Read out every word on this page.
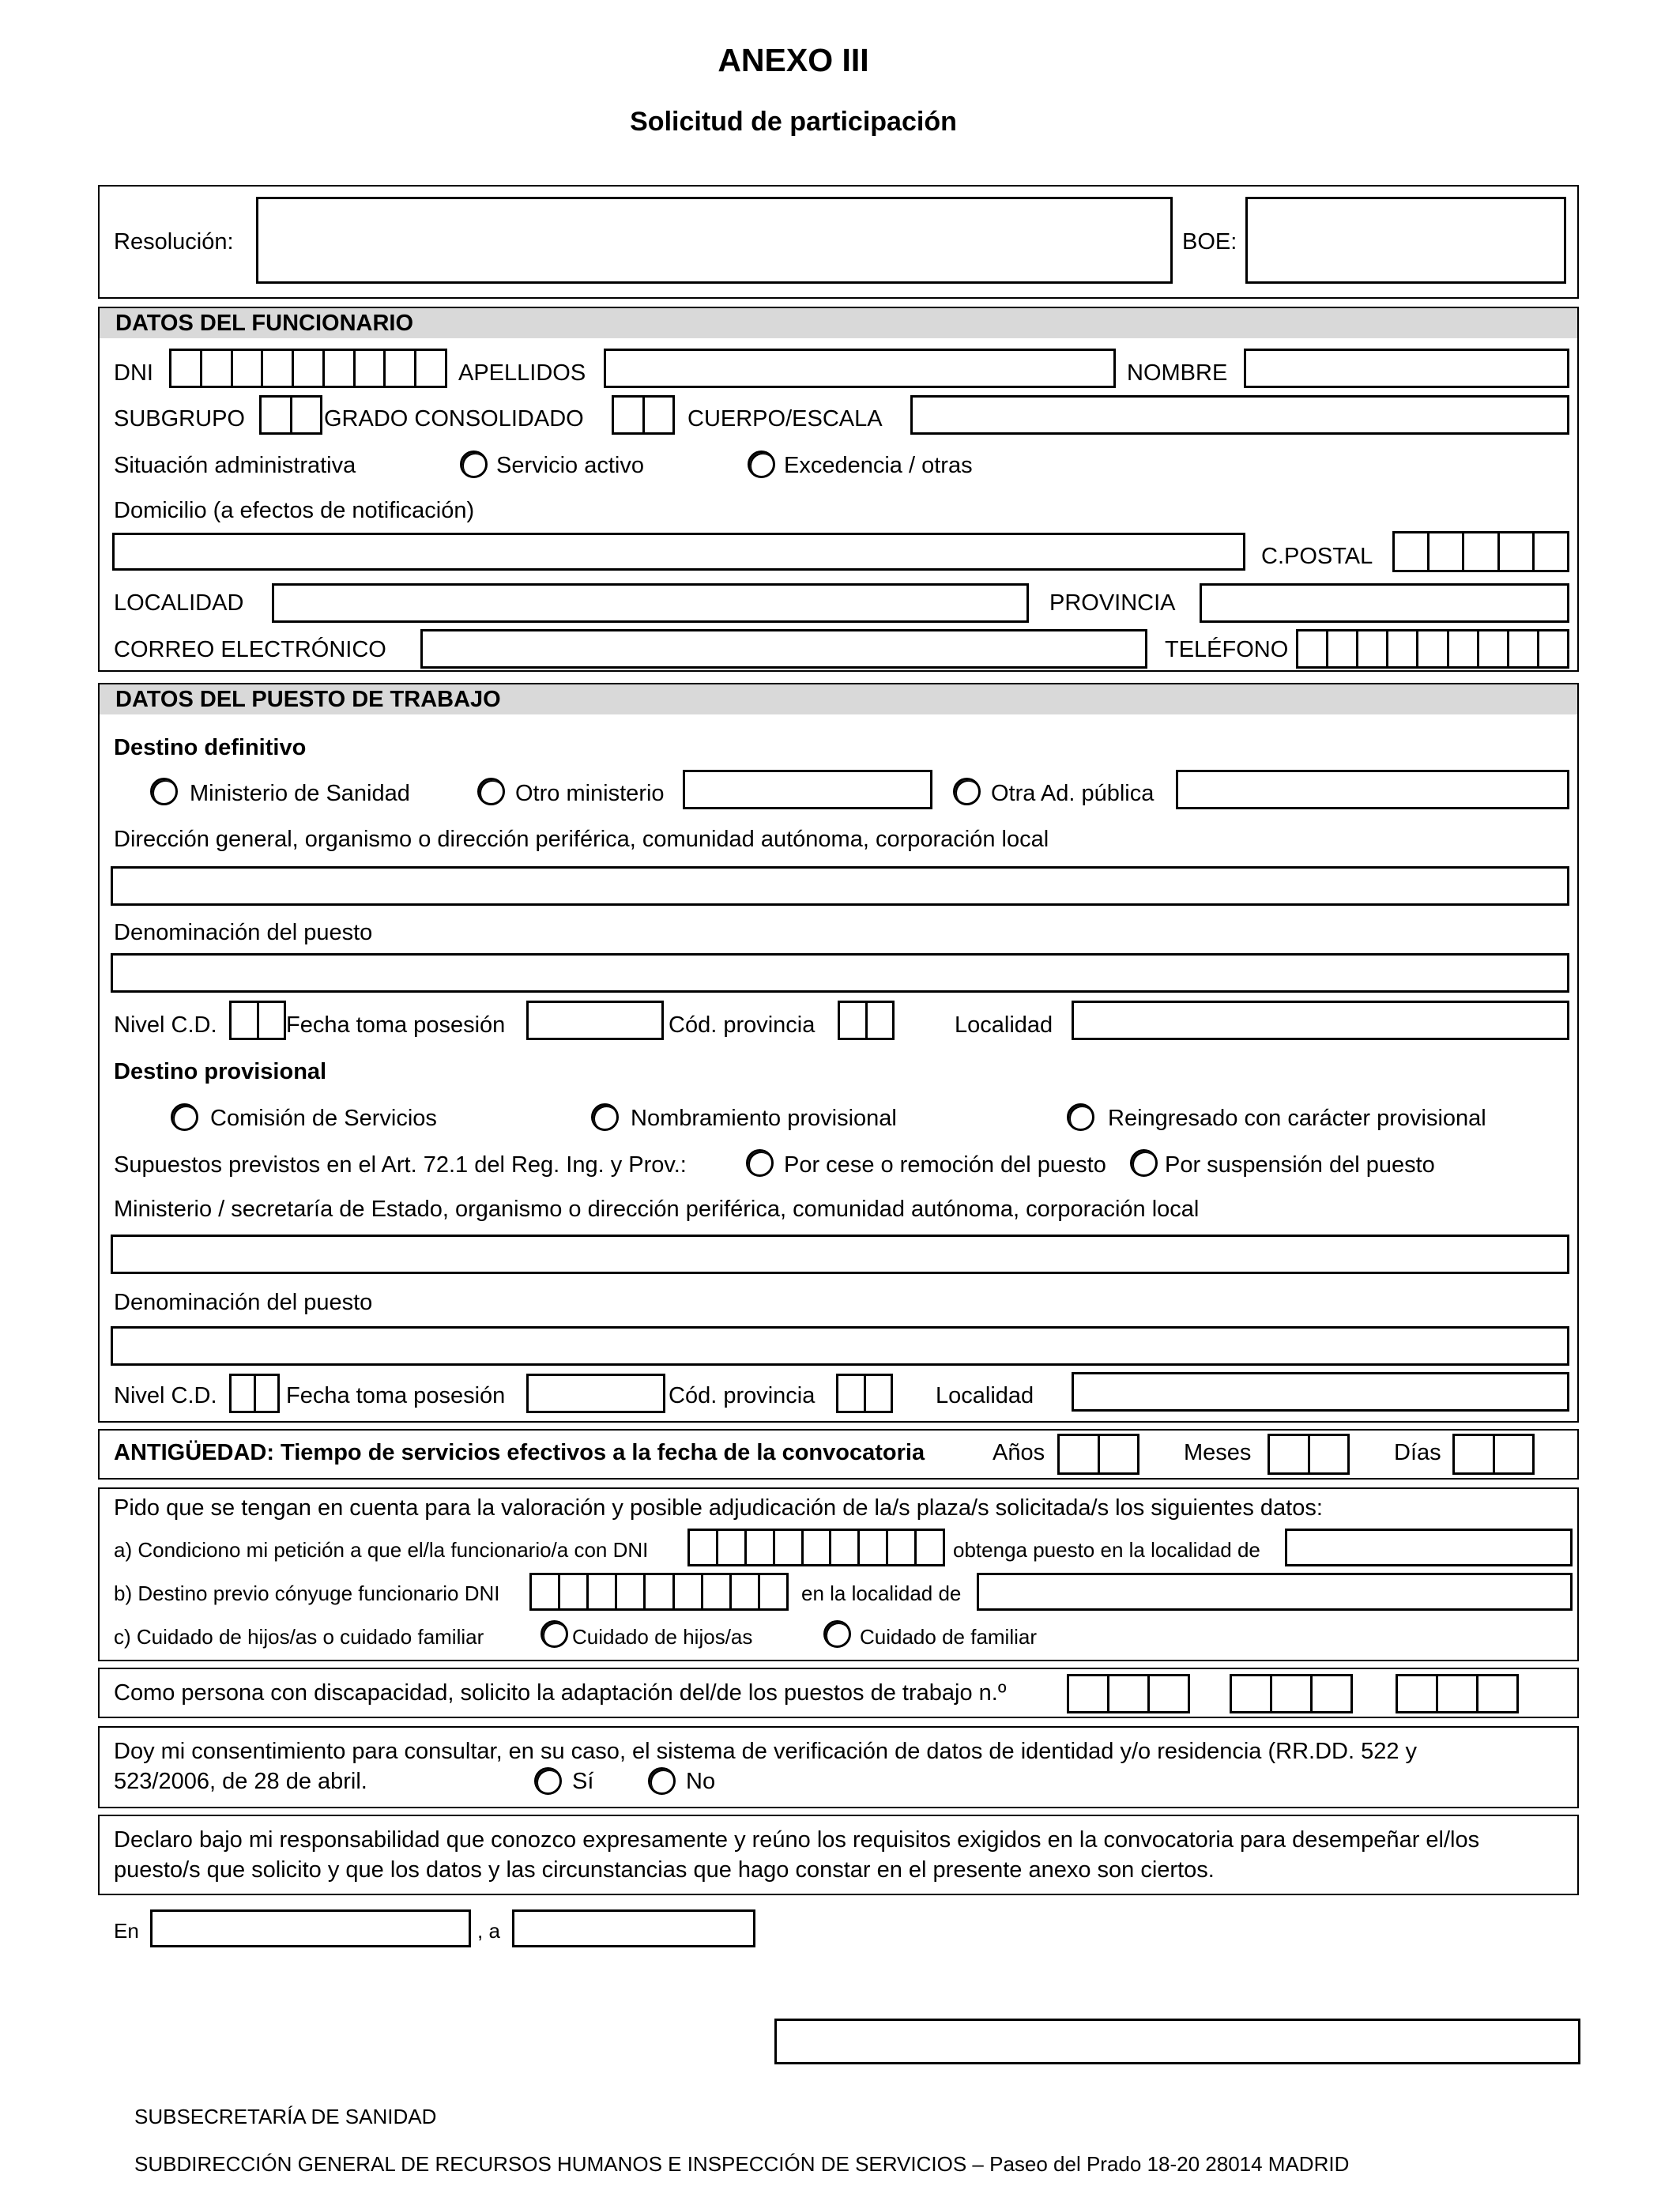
ANEXO III
Solicitud de participación
Resolución:	BOE:
DATOS DEL FUNCIONARIO
DNI	APELLIDOS	NOMBRE
SUBGRUPO	GRADO CONSOLIDADO	CUERPO/ESCALA
Situación administrativa	Servicio activo	Excedencia / otras
Domicilio (a efectos de notificación)
C.POSTAL
LOCALIDAD	PROVINCIA
CORREO ELECTRÓNICO	TELÉFONO
DATOS DEL PUESTO DE TRABAJO
Destino definitivo
Ministerio de Sanidad	Otro ministerio	Otra Ad. pública
Dirección general, organismo o dirección periférica, comunidad autónoma, corporación local
Denominación del puesto
Nivel C.D.	Fecha toma posesión	Cód. provincia	Localidad
Destino provisional
Comisión de Servicios	Nombramiento provisional	Reingresado con carácter provisional
Supuestos previstos en el Art. 72.1 del Reg. Ing. y Prov.:	Por cese o remoción del puesto	Por suspensión del puesto
Ministerio / secretaría de Estado, organismo o dirección periférica, comunidad autónoma, corporación local
Denominación del puesto
Nivel C.D.	Fecha toma posesión	Cód. provincia	Localidad
ANTIGÜEDAD: Tiempo de servicios efectivos a la fecha de la convocatoria	Años	Meses	Días
Pido que se tengan en cuenta para la valoración y posible adjudicación de la/s plaza/s solicitada/s los siguientes datos:
a) Condiciono mi petición a que el/la funcionario/a con DNI	obtenga puesto en la localidad de
b) Destino previo cónyuge funcionario DNI	en la localidad de
c) Cuidado de hijos/as o cuidado familiar	Cuidado de hijos/as	Cuidado de familiar
Como persona con discapacidad, solicito la adaptación del/de los puestos de trabajo n.º
Doy mi consentimiento para consultar, en su caso, el sistema de verificación de datos de identidad y/o residencia (RR.DD. 522 y
523/2006, de 28 de abril.	Sí	No
Declaro bajo mi responsabilidad que conozco expresamente y reúno los requisitos exigidos en la convocatoria para desempeñar el/los
puesto/s que solicito y que los datos y las circunstancias que hago constar en el presente anexo son ciertos.
En	, a
SUBSECRETARÍA DE SANIDAD
SUBDIRECCIÓN GENERAL DE RECURSOS HUMANOS E INSPECCIÓN DE SERVICIOS – Paseo del Prado 18-20 28014 MADRID
